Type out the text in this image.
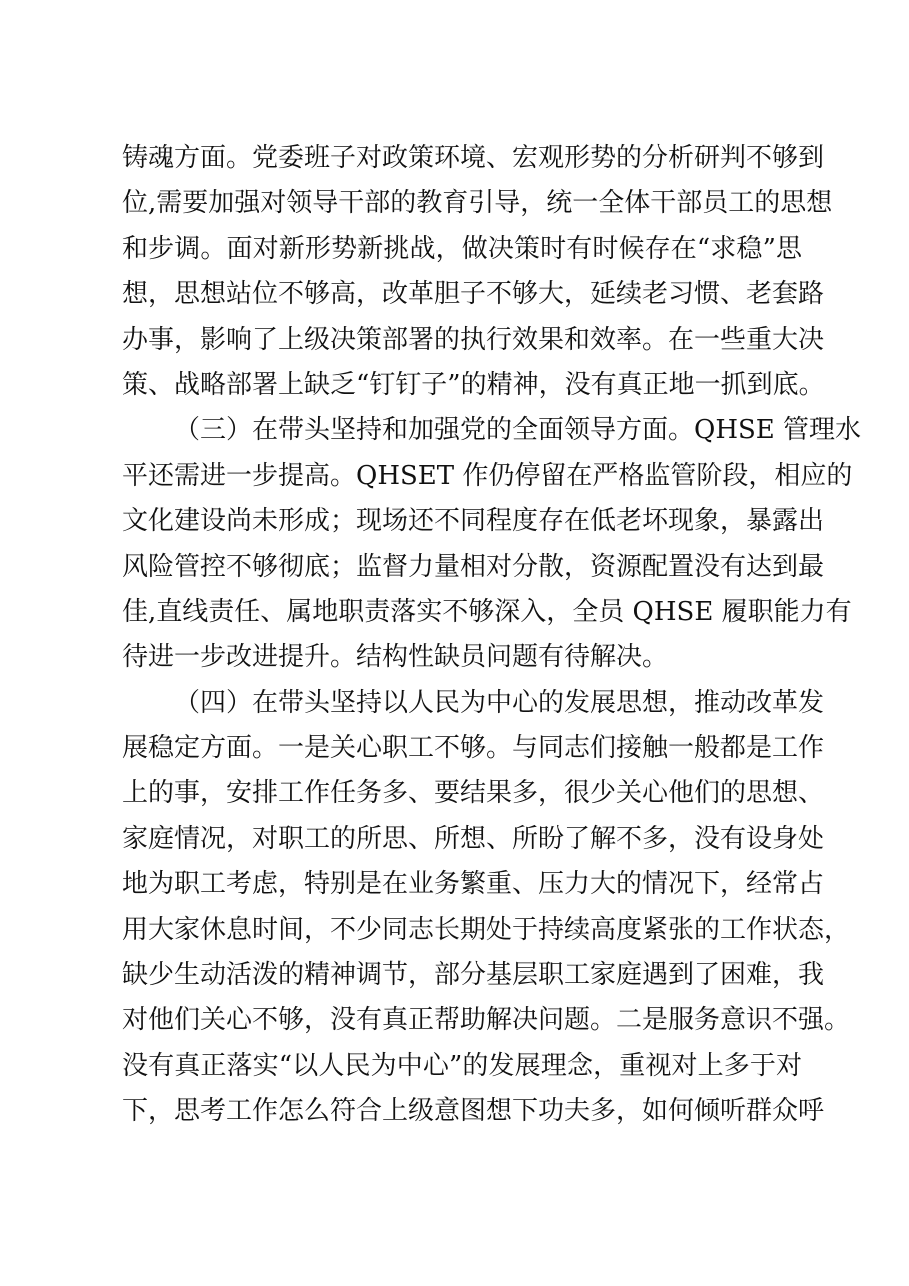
铸魂方面。党委班子对政策环境、宏观形势的分析研判不够到
位,需要加强对领导干部的教育引导，统一全体干部员工的思想
和步调。面对新形势新挑战，做决策时有时候存在“求稳”思
想，思想站位不够高，改革胆子不够大，延续老习惯、老套路
办事，影响了上级决策部署的执行效果和效率。在一些重大决
策、战略部署上缺乏“钉钉子”的精神，没有真正地一抓到底。
（三）在带头坚持和加强党的全面领导方面。QHSE 管理水
平还需进一步提高。QHSET 作仍停留在严格监管阶段，相应的
文化建设尚未形成；现场还不同程度存在低老坏现象，暴露出
风险管控不够彻底；监督力量相对分散，资源配置没有达到最
佳,直线责任、属地职责落实不够深入，全员 QHSE 履职能力有
待进一步改进提升。结构性缺员问题有待解决。
（四）在带头坚持以人民为中心的发展思想，推动改革发
展稳定方面。一是关心职工不够。与同志们接触一般都是工作
上的事，安排工作任务多、要结果多，很少关心他们的思想、
家庭情况，对职工的所思、所想、所盼了解不多，没有设身处
地为职工考虑，特别是在业务繁重、压力大的情况下，经常占
用大家休息时间，不少同志长期处于持续高度紧张的工作状态，
缺少生动活泼的精神调节，部分基层职工家庭遇到了困难，我
对他们关心不够，没有真正帮助解决问题。二是服务意识不强。
没有真正落实“以人民为中心”的发展理念，重视对上多于对
下，思考工作怎么符合上级意图想下功夫多，如何倾听群众呼
